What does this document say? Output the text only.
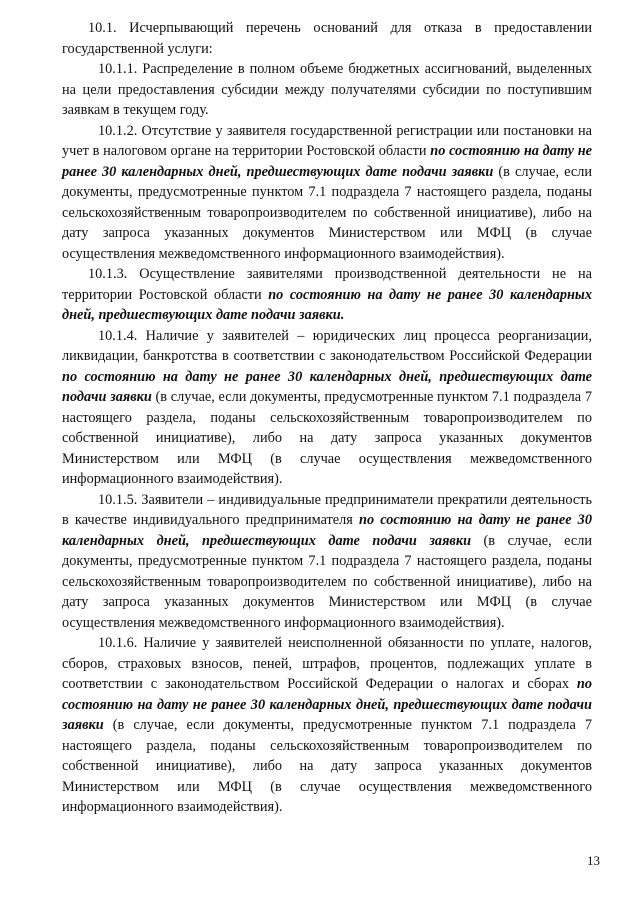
10.1. Исчерпывающий перечень оснований для отказа в предоставлении государственной услуги:

10.1.1. Распределение в полном объеме бюджетных ассигнований, выделенных на цели предоставления субсидии между получателями субсидии по поступившим заявкам в текущем году.

10.1.2. Отсутствие у заявителя государственной регистрации или постановки на учет в налоговом органе на территории Ростовской области по состоянию на дату не ранее 30 календарных дней, предшествующих дате подачи заявки (в случае, если документы, предусмотренные пунктом 7.1 подраздела 7 настоящего раздела, поданы сельскохозяйственным товаропроизводителем по собственной инициативе), либо на дату запроса указанных документов Министерством или МФЦ (в случае осуществления межведомственного информационного взаимодействия).

10.1.3. Осуществление заявителями производственной деятельности не на территории Ростовской области по состоянию на дату не ранее 30 календарных дней, предшествующих дате подачи заявки.

10.1.4. Наличие у заявителей – юридических лиц процесса реорганизации, ликвидации, банкротства в соответствии с законодательством Российской Федерации по состоянию на дату не ранее 30 календарных дней, предшествующих дате подачи заявки (в случае, если документы, предусмотренные пунктом 7.1 подраздела 7 настоящего раздела, поданы сельскохозяйственным товаропроизводителем по собственной инициативе), либо на дату запроса указанных документов Министерством или МФЦ (в случае осуществления межведомственного информационного взаимодействия).

10.1.5. Заявители – индивидуальные предприниматели прекратили деятельность в качестве индивидуального предпринимателя по состоянию на дату не ранее 30 календарных дней, предшествующих дате подачи заявки (в случае, если документы, предусмотренные пунктом 7.1 подраздела 7 настоящего раздела, поданы сельскохозяйственным товаропроизводителем по собственной инициативе), либо на дату запроса указанных документов Министерством или МФЦ (в случае осуществления межведомственного информационного взаимодействия).

10.1.6. Наличие у заявителей неисполненной обязанности по уплате, налогов, сборов, страховых взносов, пеней, штрафов, процентов, подлежащих уплате в соответствии с законодательством Российской Федерации о налогах и сборах по состоянию на дату не ранее 30 календарных дней, предшествующих дате подачи заявки (в случае, если документы, предусмотренные пунктом 7.1 подраздела 7 настоящего раздела, поданы сельскохозяйственным товаропроизводителем по собственной инициативе), либо на дату запроса указанных документов Министерством или МФЦ (в случае осуществления межведомственного информационного взаимодействия).

13
